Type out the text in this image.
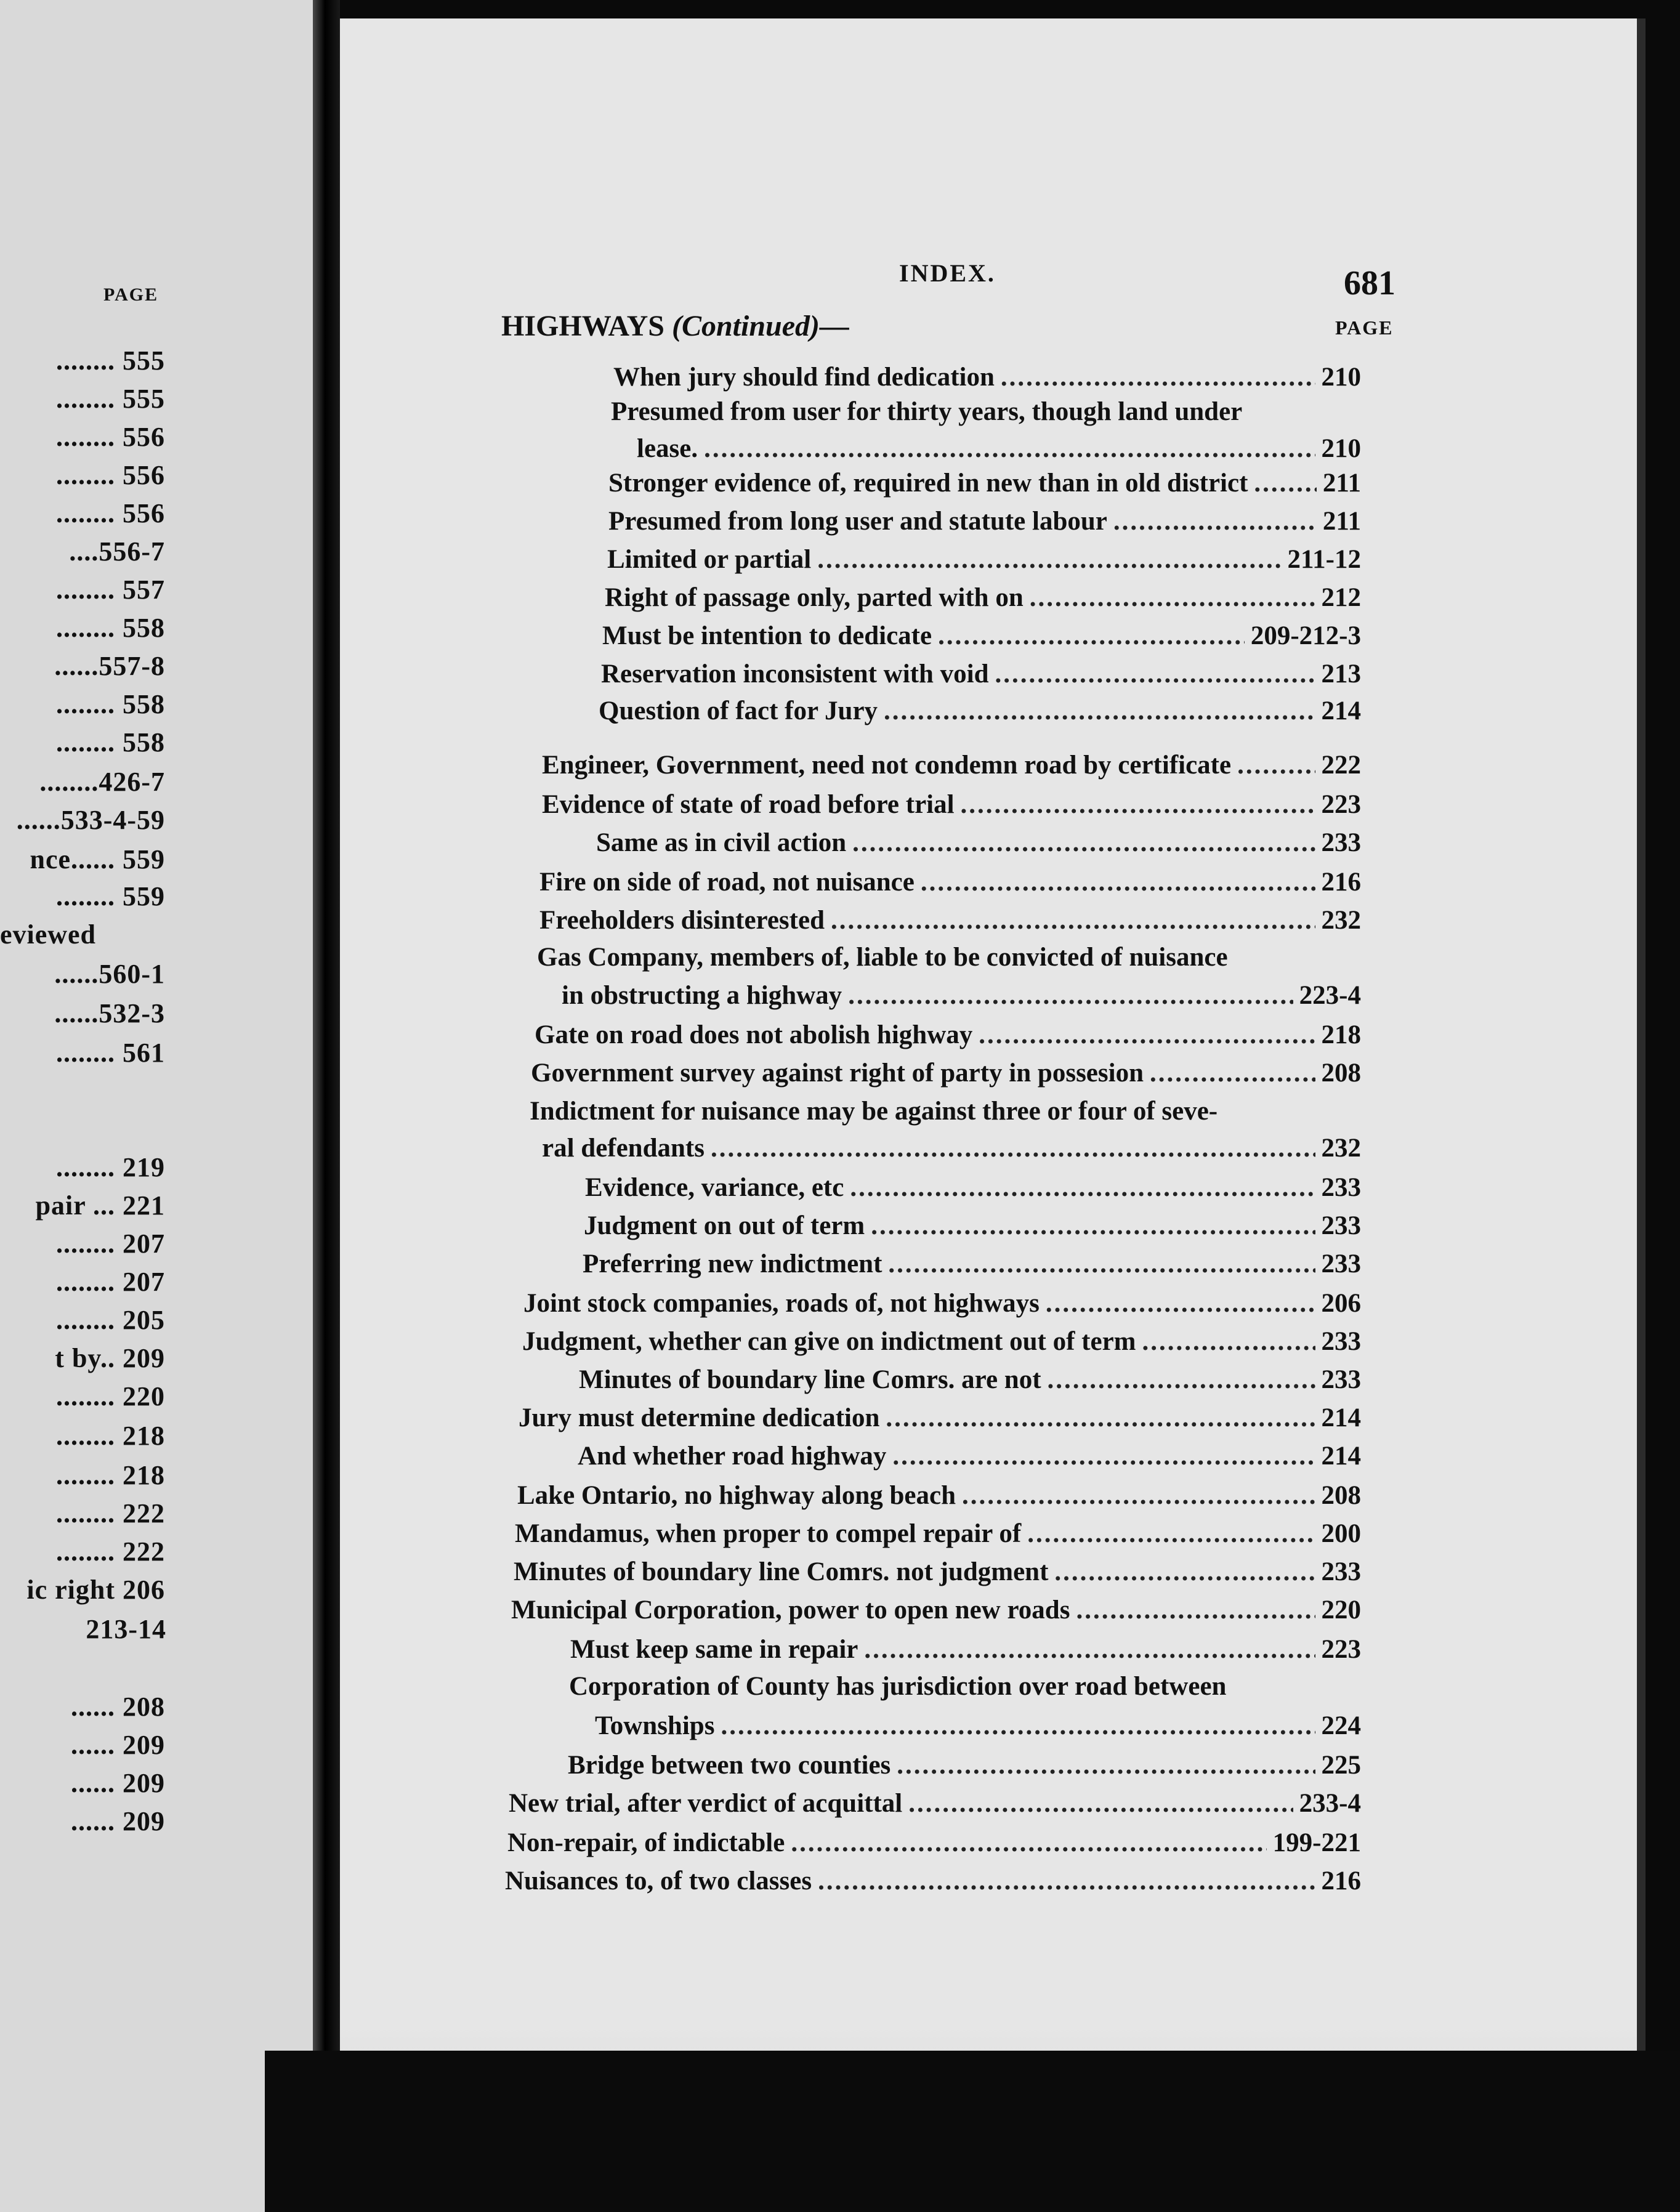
PAGE
........ 555
........ 555
........ 556
........ 556
........ 556
....556-7
........ 557
........ 558
......557-8
........ 558
........ 558
........426-7
......533-4-59
nce...... 559
........ 559
eviewed
......560-1
......532-3
........ 561
........ 219
pair ... 221
........ 207
........ 207
........ 205
t by.. 209
........ 220
........ 218
........ 218
........ 222
........ 222
ic right 206
213-14
...... 208
...... 209
...... 209
...... 209
INDEX.	681
PAGE
HIGHWAYS (Continued)—
When jury should find dedication .....	210
Presumed from user for thirty years, though land under
lease. .....	210
Stronger evidence of, required in new than in old district .....	211
Presumed from long user and statute labour .....	211
Limited or partial .....	211-12
Right of passage only, parted with on .....	212
Must be intention to dedicate .....	209-212-3
Reservation inconsistent with void .....	213
Question of fact for Jury .....	214
Engineer, Government, need not condemn road by certificate .....	222
Evidence of state of road before trial .....	223
Same as in civil action .....	233
Fire on side of road, not nuisance .....	216
Freeholders disinterested .....	232
Gas Company, members of, liable to be convicted of nuisance
in obstructing a highway .....	223-4
Gate on road does not abolish highway .....	218
Government survey against right of party in possesion .....	208
Indictment for nuisance may be against three or four of seve-
ral defendants .....	232
Evidence, variance, etc .....	233
Judgment on out of term .....	233
Preferring new indictment .....	233
Joint stock companies, roads of, not highways .....	206
Judgment, whether can give on indictment out of term .....	233
Minutes of boundary line Comrs. are not .....	233
Jury must determine dedication .....	214
And whether road highway .....	214
Lake Ontario, no highway along beach .....	208
Mandamus, when proper to compel repair of .....	200
Minutes of boundary line Comrs. not judgment .....	233
Municipal Corporation, power to open new roads .....	220
Must keep same in repair .....	223
Corporation of County has jurisdiction over road between
Townships .....	224
Bridge between two counties .....	225
New trial, after verdict of acquittal .....	233-4
Non-repair, of indictable .....	199-221
Nuisances to, of two classes .....	216
